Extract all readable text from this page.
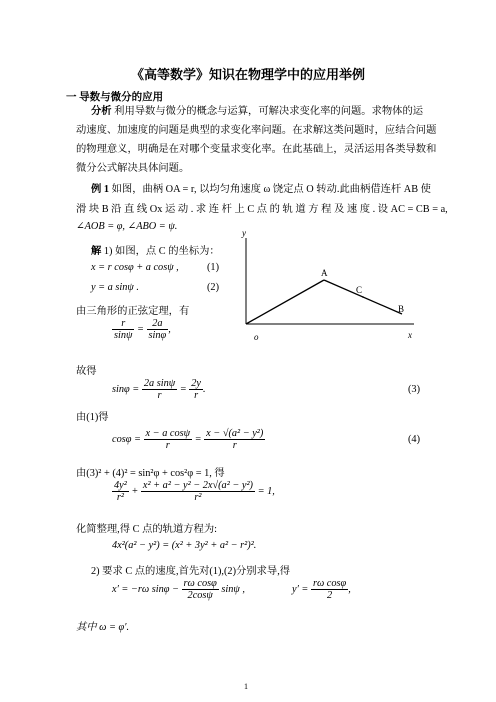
《高等数学》知识在物理学中的应用举例
一 导数与微分的应用
分析 利用导数与微分的概念与运算，可解决求变化率的问题。求物体的运
动速度、加速度的问题是典型的求变化率问题。在求解这类问题时，应结合问题
的物理意义，明确是在对哪个变量求变化率。在此基础上，灵活运用各类导数和
微分公式解决具体问题。
例 1 如图，曲柄 OA = r, 以均匀角速度 ω 饶定点 O 转动.此曲柄借连杆 AB 使
滑 块 B 沿 直 线 Ox 运 动 . 求 连 杆 上 C 点 的 轨 道 方 程 及 速 度 . 设 AC = CB = a,
∠AOB = φ, ∠ABO = ψ.
解 1) 如图，点 C 的坐标为：
x = r cosφ + a cosψ ,	(1)
y = a sinψ .	(2)
由三角形的正弦定理，有
$\frac{r}{\sin\psi} = \frac{2a}{\sin\varphi}$ ,
故得
$\sin\varphi = \frac{\text{2a sinψ}}{r} = \frac{2y}{r}$ .	(3)
由(1)得
$\cos\varphi = \frac{\text{x − a cosψ}}{r} = \frac{\text{x − √(a² − y²)}}{r}$	(4)
由(3)² + (4)² = sin²φ + cos²φ = 1, 得
$\frac{\text{4y²}}{\text{r²}} + \frac{\text{x² + a² − y² − 2x√(a² − y²)}}{\text{r²}} = 1$,
化简整理,得 C 点的轨道方程为:
4x²(a² − y²) = (x² + 3y² + a² − r²)².
2) 要求 C 点的速度,首先对(1),(2)分别求导,得
x′ = −rω $\sin\varphi - \frac{\text{rω cosφ}}{2\cos\psi}$ sinψ ,	$y' = \frac{\text{rω cosφ}}{2}$ ,
其中 ω = φ′.
1
y
x
o
A
C
B
